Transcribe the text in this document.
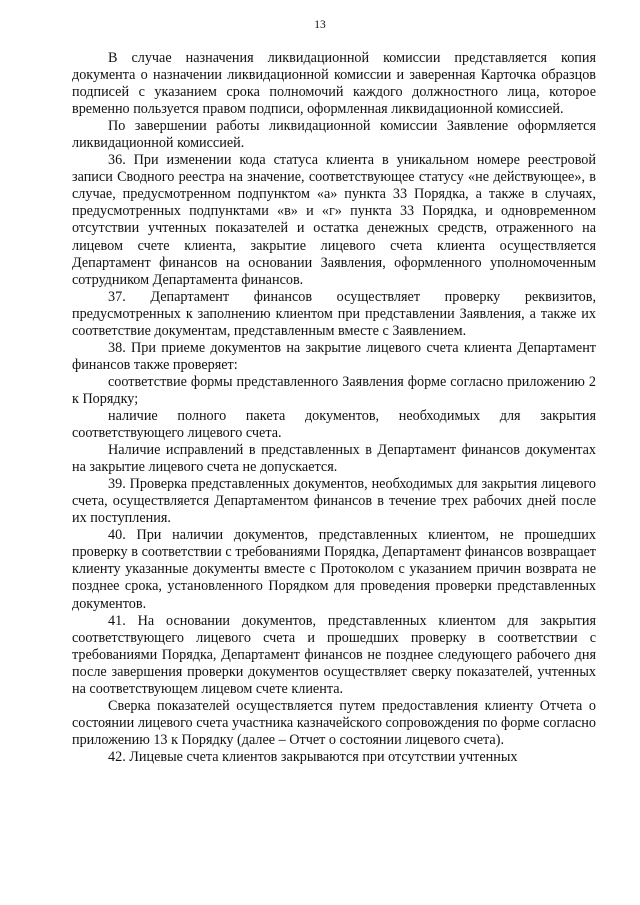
13

В случае назначения ликвидационной комиссии представляется копия документа о назначении ликвидационной комиссии и заверенная Карточка образцов подписей с указанием срока полномочий каждого должностного лица, которое временно пользуется правом подписи, оформленная ликвидационной комиссией.

По завершении работы ликвидационной комиссии Заявление оформляется ликвидационной комиссией.

36. При изменении кода статуса клиента в уникальном номере реестровой записи Сводного реестра на значение, соответствующее статусу «не действующее», в случае, предусмотренном подпунктом «а» пункта 33 Порядка, а также в случаях, предусмотренных подпунктами «в» и «г» пункта 33 Порядка, и одновременном отсутствии учтенных показателей и остатка денежных средств, отраженного на лицевом счете клиента, закрытие лицевого счета клиента осуществляется Департамент финансов на основании Заявления, оформленного уполномоченным сотрудником Департамента финансов.

37. Департамент финансов осуществляет проверку реквизитов, предусмотренных к заполнению клиентом при представлении Заявления, а также их соответствие документам, представленным вместе с Заявлением.

38. При приеме документов на закрытие лицевого счета клиента Департамент финансов также проверяет:

соответствие формы представленного Заявления форме согласно приложению 2 к Порядку;

наличие полного пакета документов, необходимых для закрытия соответствующего лицевого счета.

Наличие исправлений в представленных в Департамент финансов документах на закрытие лицевого счета не допускается.

39. Проверка представленных документов, необходимых для закрытия лицевого счета, осуществляется Департаментом финансов в течение трех рабочих дней после их поступления.

40. При наличии документов, представленных клиентом, не прошедших проверку в соответствии с требованиями Порядка, Департамент финансов возвращает клиенту указанные документы вместе с Протоколом с указанием причин возврата не позднее срока, установленного Порядком для проведения проверки представленных документов.

41. На основании документов, представленных клиентом для закрытия соответствующего лицевого счета и прошедших проверку в соответствии с требованиями Порядка, Департамент финансов не позднее следующего рабочего дня после завершения проверки документов осуществляет сверку показателей, учтенных на соответствующем лицевом счете клиента.

Сверка показателей осуществляется путем предоставления клиенту Отчета о состоянии лицевого счета участника казначейского сопровождения по форме согласно приложению 13 к Порядку (далее – Отчет о состоянии лицевого счета).

42. Лицевые счета клиентов закрываются при отсутствии учтенных
